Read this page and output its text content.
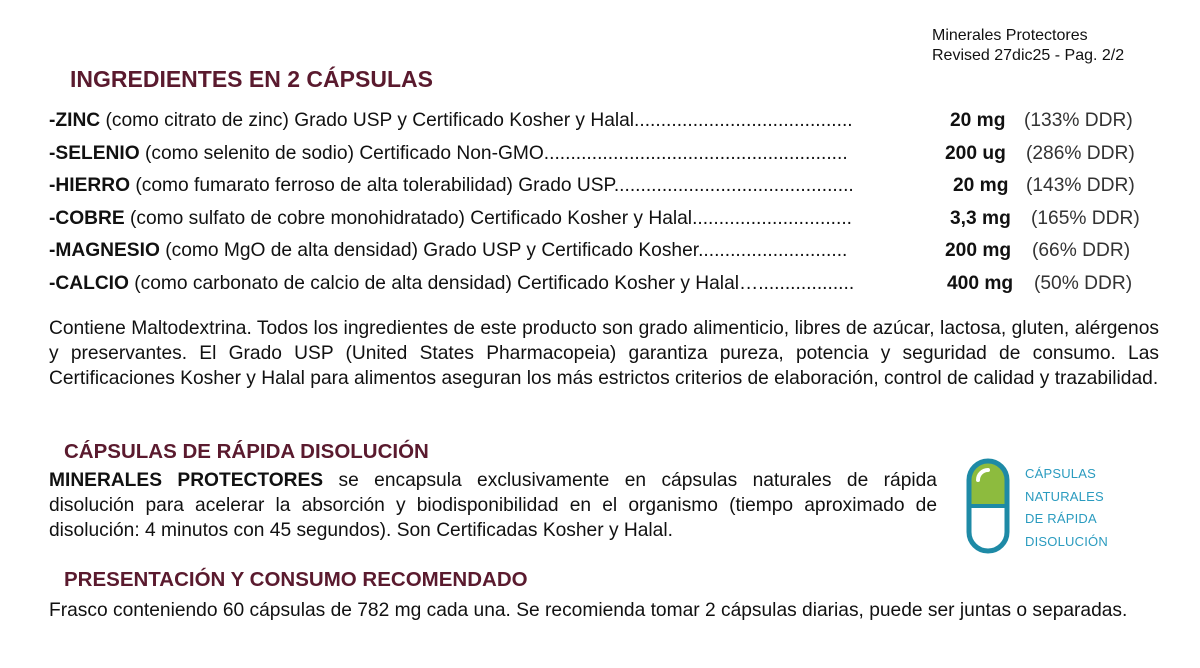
Minerales Protectores
Revised 27dic25 - Pag. 2/2
INGREDIENTES EN 2 CÁPSULAS
-ZINC (como citrato de zinc) Grado USP y Certificado Kosher y Halal.........................................	20 mg (133% DDR)
-SELENIO (como selenito de sodio) Certificado Non-GMO.........................................................	200 ug (286% DDR)
-HIERRO (como fumarato ferroso de alta tolerabilidad) Grado USP.............................................	20 mg (143% DDR)
-COBRE (como sulfato de cobre monohidratado) Certificado Kosher y Halal..............................	3,3 mg (165% DDR)
-MAGNESIO (como MgO de alta densidad) Grado USP y Certificado Kosher............................	200 mg (66% DDR)
-CALCIO (como carbonato de calcio de alta densidad) Certificado Kosher y Halal…..................	400 mg (50% DDR)

Contiene Maltodextrina. Todos los ingredientes de este producto son grado alimenticio, libres de azúcar, lactosa, gluten, alérgenos y preservantes. El Grado USP (United States Pharmacopeia) garantiza pureza, potencia y seguridad de consumo. Las Certificaciones Kosher y Halal para alimentos aseguran los más estrictos criterios de elaboración, control de calidad y trazabilidad.

CÁPSULAS DE RÁPIDA DISOLUCIÓN

MINERALES PROTECTORES se encapsula exclusivamente en cápsulas naturales de rápida disolución para acelerar la absorción y biodisponibilidad en el organismo (tiempo aproximado de disolución: 4 minutos con 45 segundos). Son Certificadas Kosher y Halal.

CÁPSULAS
NATURALES
DE RÁPIDA
DISOLUCIÓN
PRESENTACIÓN Y CONSUMO RECOMENDADO

Frasco conteniendo 60 cápsulas de 782 mg cada una. Se recomienda tomar 2 cápsulas diarias, puede ser juntas o separadas.
